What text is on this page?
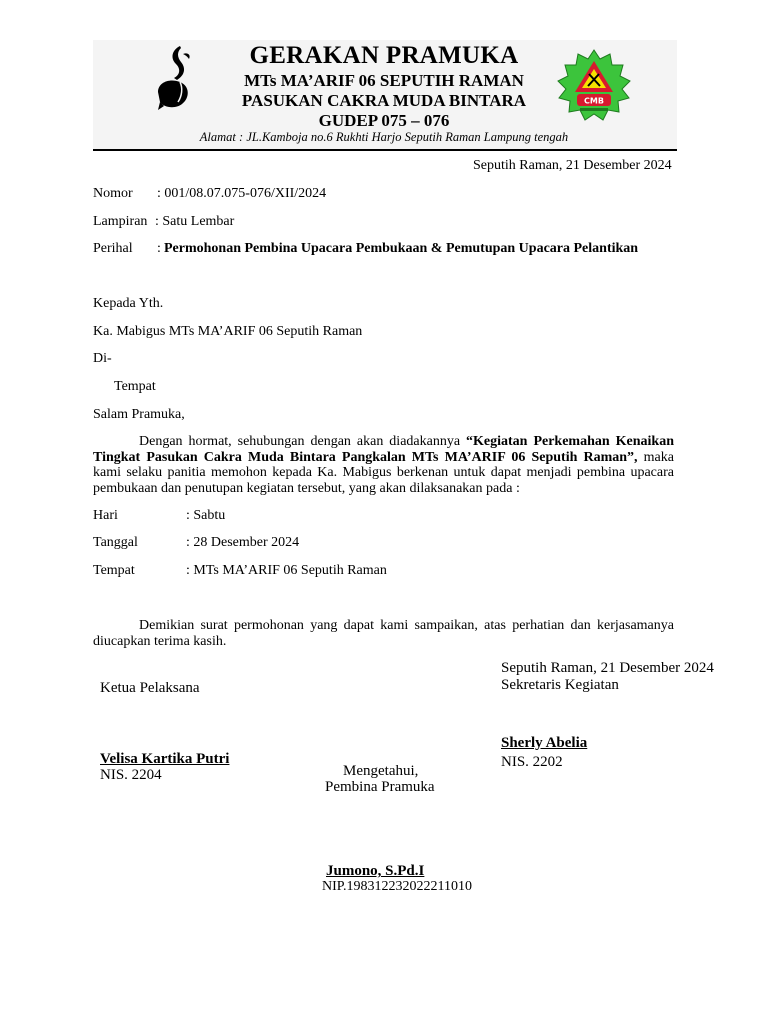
GERAKAN PRAMUKA
MTs MA’ARIF 06 SEPUTIH RAMAN
PASUKAN CAKRA MUDA BINTARA
GUDEP 075 – 076
Alamat : JL.Kamboja no.6 Rukhti Harjo Seputih Raman Lampung tengah
CMB
Seputih Raman, 21 Desember 2024
Nomor : 001/08.07.075-076/XII/2024
Lampiran : Satu Lembar
Perihal : Permohonan Pembina Upacara Pembukaan & Pemutupan Upacara Pelantikan
Kepada Yth.
Ka. Mabigus MTs MA’ARIF 06 Seputih Raman
Di-
Tempat
Salam Pramuka,
Dengan hormat, sehubungan dengan akan diadakannya “Kegiatan Perkemahan Kenaikan Tingkat Pasukan Cakra Muda Bintara Pangkalan MTs MA’ARIF 06 Seputih Raman”, maka kami selaku panitia memohon kepada Ka. Mabigus berkenan untuk dapat menjadi pembina upacara pembukaan dan penutupan kegiatan tersebut, yang akan dilaksanakan pada :
Hari	: Sabtu
Tanggal	: 28 Desember 2024
Tempat	: MTs MA’ARIF 06 Seputih Raman
Demikian surat permohonan yang dapat kami sampaikan, atas perhatian dan kerjasamanya diucapkan terima kasih.
Seputih Raman, 21 Desember 2024
Sekretaris Kegiatan
Ketua Pelaksana
Sherly Abelia
NIS. 2202
Velisa Kartika Putri
NIS. 2204	Mengetahui,
Pembina Pramuka
Jumono, S.Pd.I
NIP.198312232022211010
